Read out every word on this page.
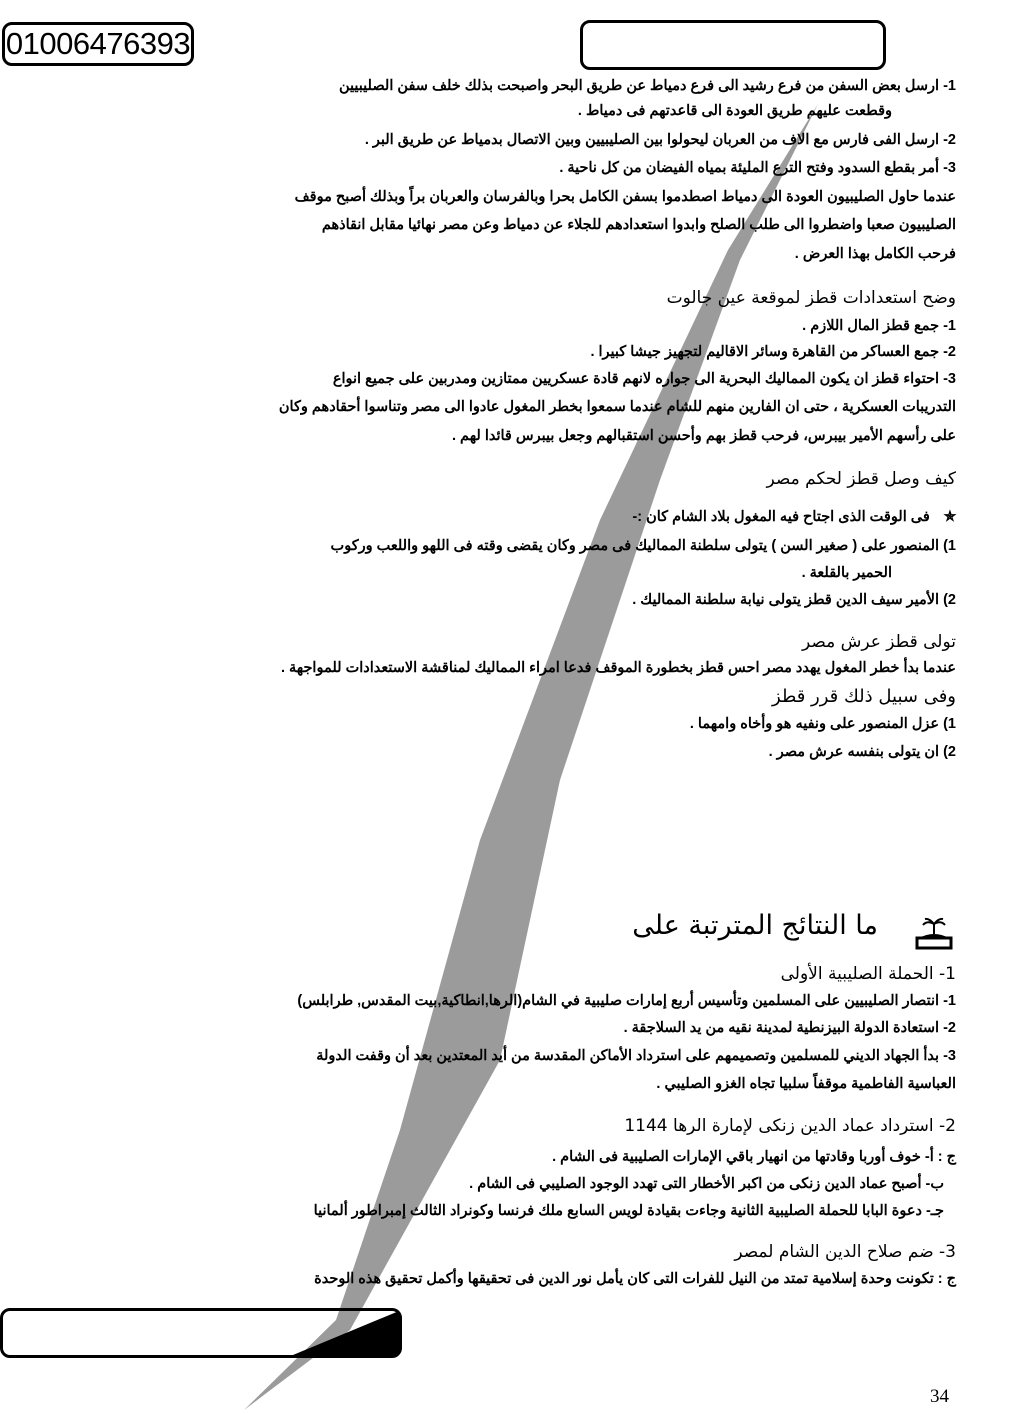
01006476393
1- ارسل بعض السفن من فرع رشيد الى فرع دمياط عن طريق البحر واصبحت بذلك خلف سفن الصليبيين
وقطعت عليهم طريق العودة الى قاعدتهم فى دمياط .
2- ارسل الفى فارس مع الاف من العربان ليحولوا بين الصليبيين وبين الاتصال بدمياط عن طريق البر .
3- أمر بقطع السدود وفتح الترع المليئة بمياه الفيضان من كل ناحية .
عندما حاول الصليبيون العودة الى دمياط اصطدموا بسفن الكامل بحرا وبالفرسان والعربان براً وبذلك أصبح موقف
الصليبيون صعبا واضطروا الى طلب الصلح وابدوا استعدادهم للجلاء عن دمياط وعن مصر نهائيا مقابل انقاذهم
فرحب الكامل بهذا العرض .
وضح استعدادات قطز لموقعة عين جالوت
1- جمع قطز المال اللازم .
2- جمع العساكر من القاهرة وسائر الاقاليم لتجهيز جيشا كبيرا .
3- احتواء قطز ان يكون المماليك البحرية الى جواره لانهم قادة عسكريين ممتازين ومدربين على جميع انواع
التدريبات العسكرية ، حتى ان الفارين منهم للشام عندما سمعوا بخطر المغول عادوا الى مصر وتناسوا أحقادهم وكان
على رأسهم الأمير بيبرس، فرحب قطز بهم وأحسن استقبالهم وجعل بيبرس قائدا لهم .
كيف وصل قطز لحكم مصر
✯ فى الوقت الذى اجتاح فيه المغول بلاد الشام كان :-
1) المنصور على ( صغير السن ) يتولى سلطنة المماليك فى مصر وكان يقضى وقته فى اللهو واللعب وركوب
الحمير بالقلعة .
2) الأمير سيف الدين قطز يتولى نيابة سلطنة المماليك .
تولى قطز عرش مصر
عندما بدأ خطر المغول يهدد مصر احس قطز بخطورة الموقف فدعا امراء المماليك لمناقشة الاستعدادات للمواجهة .
وفى سبيل ذلك قرر قطز
1) عزل المنصور على ونفيه هو وأخاه وامهما .
2) ان يتولى بنفسه عرش مصر .
ما النتائج المترتبة على
1- الحملة الصليبية الأولى
1- انتصار الصليبيين على المسلمين وتأسيس أربع إمارات صليبية في الشام(الرها,انطاكية,بيت المقدس, طرابلس)
2- استعادة الدولة البيزنطية لمدينة نقيه من يد السلاجقة .
3- بدأ الجهاد الديني للمسلمين وتصميمهم على استرداد الأماكن المقدسة من أيد المعتدين بعد أن وقفت الدولة
العباسية الفاطمية موقفاً سلبيا تجاه الغزو الصليبي .
2- استرداد عماد الدين زنكى لإمارة الرها 1144
ج : أ- خوف أوربا وقادتها من انهيار باقي الإمارات الصليبية فى الشام .
ب- أصبح عماد الدين زنكى من اكبر الأخطار التى تهدد الوجود الصليبي فى الشام .
جـ- دعوة البابا للحملة الصليبية الثانية وجاءت بقيادة لويس السابع ملك فرنسا وكونراد الثالث إمبراطور ألمانيا
3- ضم صلاح الدين الشام لمصر
ج : تكونت وحدة إسلامية تمتد من النيل للفرات التى كان يأمل نور الدين فى تحقيقها وأكمل تحقيق هذه الوحدة
34
